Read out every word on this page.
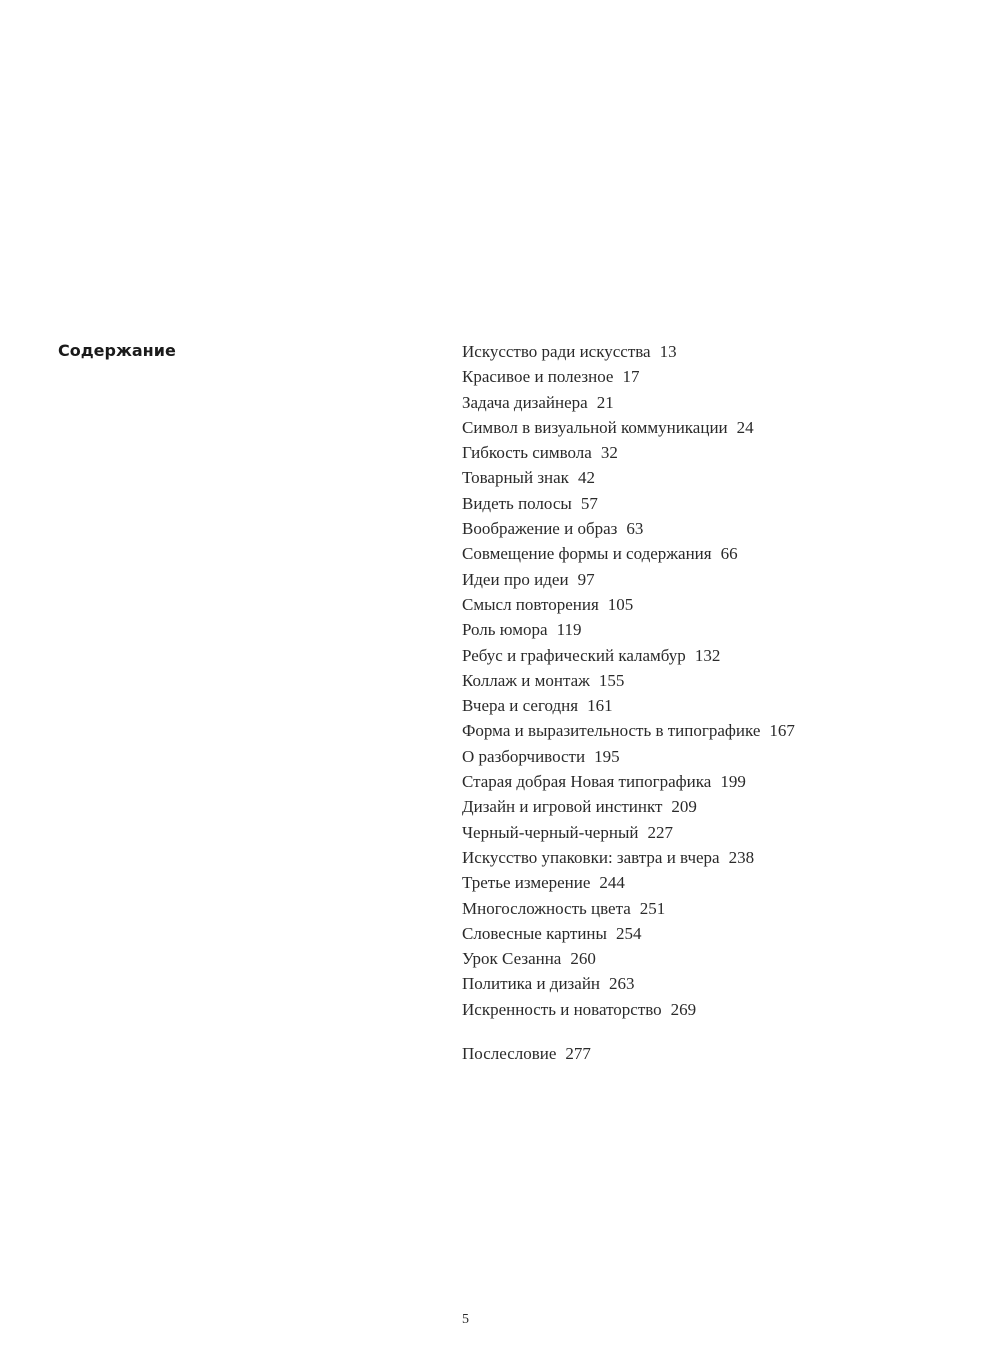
Содержание	Искусство ради искусства 13
Красивое и полезное 17
Задача дизайнера 21
Символ в визуальной коммуникации 24
Гибкость символа 32
Товарный знак 42
Видеть полосы 57
Воображение и образ 63
Совмещение формы и содержания 66
Идеи про идеи 97
Смысл повторения 105
Роль юмора 119
Ребус и графический каламбур 132
Коллаж и монтаж 155
Вчера и сегодня 161
Форма и выразительность в типографике 167
О разборчивости 195
Старая добрая Новая типографика 199
Дизайн и игровой инстинкт 209
Черный-черный-черный 227
Искусство упаковки: завтра и вчера 238
Третье измерение 244
Многосложность цвета 251
Словесные картины 254
Урок Сезанна 260
Политика и дизайн 263
Искренность и новаторство 269
Послесловие 277
5
